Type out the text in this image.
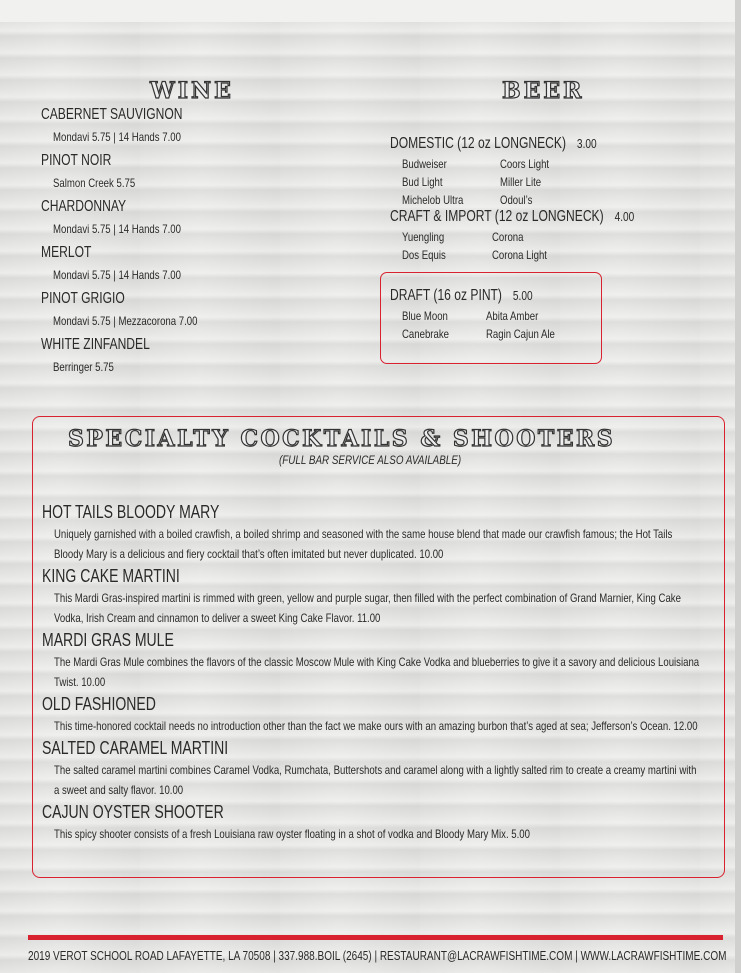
WINE	BEER
CABERNET SAUVIGNON
Mondavi 5.75 | 14 Hands 7.00
PINOT NOIR
Salmon Creek 5.75
CHARDONNAY
Mondavi 5.75 | 14 Hands 7.00
MERLOT
Mondavi 5.75 | 14 Hands 7.00
PINOT GRIGIO
Mondavi 5.75 | Mezzacorona 7.00
WHITE ZINFANDEL
Berringer 5.75
DOMESTIC (12 oz LONGNECK) 3.00
Budweiser	Coors Light
Bud Light	Miller Lite
Michelob Ultra	Odoul’s
CRAFT & IMPORT (12 oz LONGNECK) 4.00
Yuengling	Corona
Dos Equis	Corona Light
DRAFT (16 oz PINT) 5.00
Blue Moon	Abita Amber
Canebrake	Ragin Cajun Ale
SPECIALTY COCKTAILS & SHOOTERS
(FULL BAR SERVICE ALSO AVAILABLE)
HOT TAILS BLOODY MARY
Uniquely garnished with a boiled crawfish, a boiled shrimp and seasoned with the same house blend that made our crawfish famous; the Hot Tails Bloody Mary is a delicious and fiery cocktail that’s often imitated but never duplicated. 10.00
KING CAKE MARTINI
This Mardi Gras-inspired martini is rimmed with green, yellow and purple sugar, then filled with the perfect combination of Grand Marnier, King Cake Vodka, Irish Cream and cinnamon to deliver a sweet King Cake Flavor. 11.00
MARDI GRAS MULE
The Mardi Gras Mule combines the flavors of the classic Moscow Mule with King Cake Vodka and blueberries to give it a savory and delicious Louisiana Twist. 10.00
OLD FASHIONED
This time-honored cocktail needs no introduction other than the fact we make ours with an amazing burbon that’s aged at sea; Jefferson’s Ocean. 12.00
SALTED CARAMEL MARTINI
The salted caramel martini combines Caramel Vodka, Rumchata, Buttershots and caramel along with a lightly salted rim to create a creamy martini with a sweet and salty flavor. 10.00
CAJUN OYSTER SHOOTER
This spicy shooter consists of a fresh Louisiana raw oyster floating in a shot of vodka and Bloody Mary Mix. 5.00
2019 VEROT SCHOOL ROAD LAFAYETTE, LA 70508 | 337.988.BOIL (2645) | RESTAURANT@LACRAWFISHTIME.COM | WWW.LACRAWFISHTIME.COM
